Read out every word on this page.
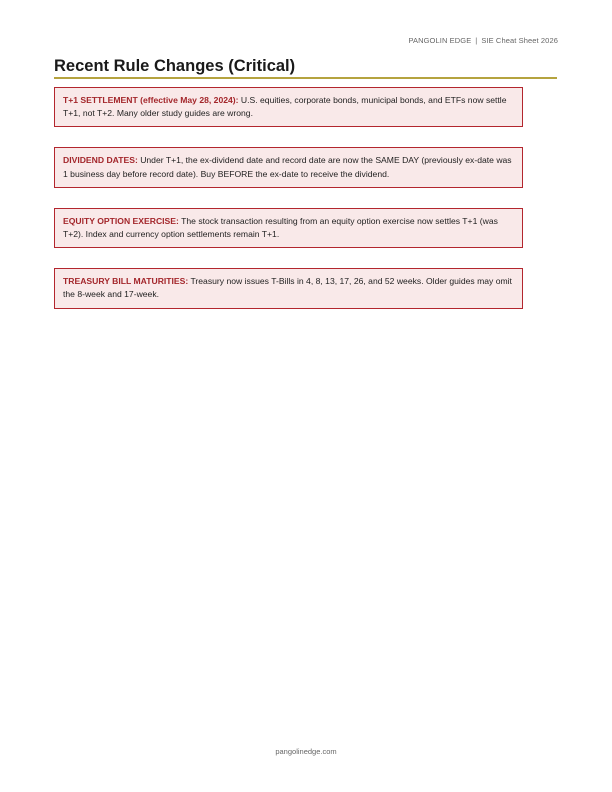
PANGOLIN EDGE | SIE Cheat Sheet 2026
Recent Rule Changes (Critical)
T+1 SETTLEMENT (effective May 28, 2024): U.S. equities, corporate bonds, municipal bonds, and ETFs now settle T+1, not T+2. Many older study guides are wrong.
DIVIDEND DATES: Under T+1, the ex-dividend date and record date are now the SAME DAY (previously ex-date was 1 business day before record date). Buy BEFORE the ex-date to receive the dividend.
EQUITY OPTION EXERCISE: The stock transaction resulting from an equity option exercise now settles T+1 (was T+2). Index and currency option settlements remain T+1.
TREASURY BILL MATURITIES: Treasury now issues T-Bills in 4, 8, 13, 17, 26, and 52 weeks. Older guides may omit the 8-week and 17-week.
pangolinedge.com
